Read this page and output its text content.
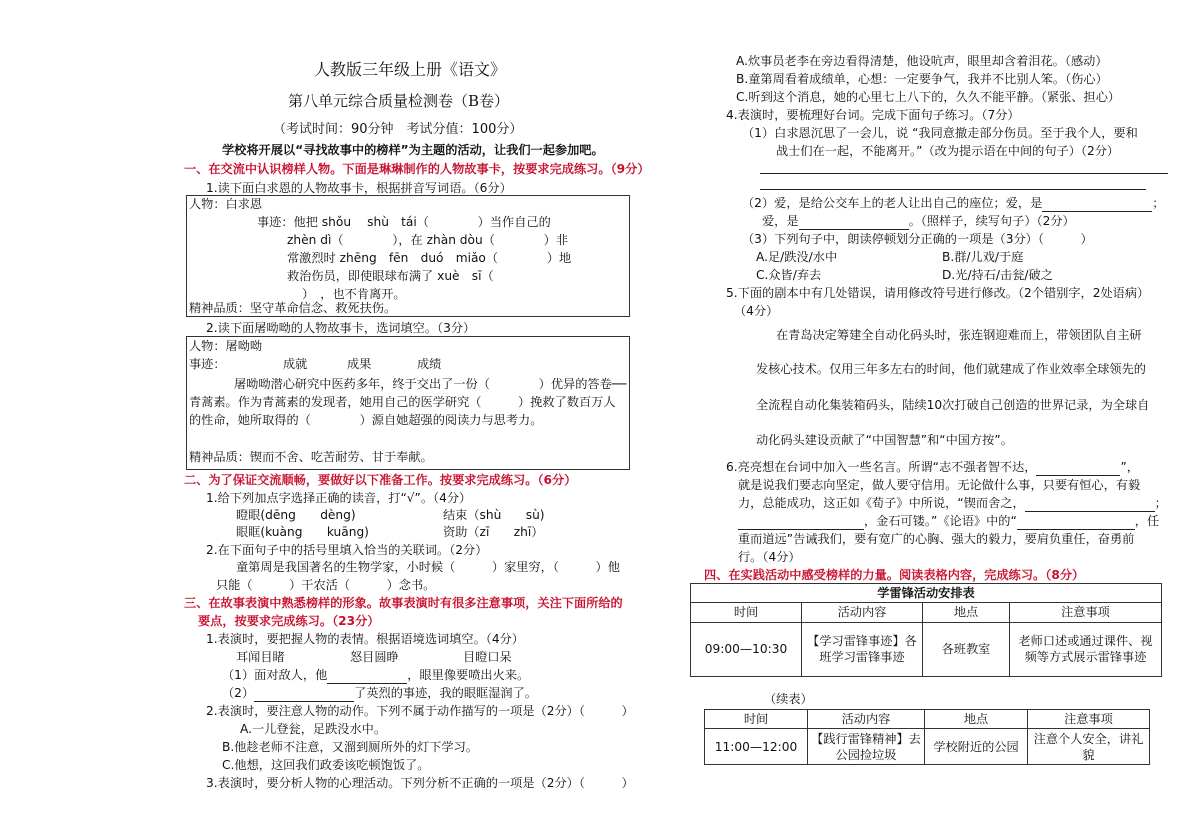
人教版三年级上册《语文》
第八单元综合质量检测卷（B卷）
（考试时间：90分钟　考试分值：100分）
学校将开展以“寻找故事中的榜样”为主题的活动，让我们一起参加吧。
一、在交流中认识榜样人物。下面是琳琳制作的人物故事卡，按要求完成练习。（9分）
1.读下面白求恩的人物故事卡，根据拼音写词语。（6分）
人物：白求恩
事迹：他把 shǒu　 shù　tái（　　　　）当作自己的
zhèn dì（　　　　），在 zhàn dòu（　　　　）非
常激烈时 zhēng　fēn　duó　miǎo（　　　　）地
救治伤员，即使眼球布满了 xuè　sī（
）　，也不肯离开。
精神品质：坚守革命信念、救死扶伤。
2.读下面屠呦呦的人物故事卡，选词填空。（3分）
人物：屠呦呦
事迹：	成就	成果	成绩
屠呦呦潜心研究中医药多年，终于交出了一份（　　　　）优异的答卷──青蒿素。作为青蒿素的发现者，她用自己的医学研究（　　　）挽救了数百万人的性命，她所取得的（　　　　）源自她超强的阅读力与思考力。
精神品质：锲而不舍、吃苦耐劳、甘于奉献。
二、为了保证交流顺畅，要做好以下准备工作。按要求完成练习。（6分）
1.给下列加点字选择正确的读音，打“√”。（4分）
瞪眼(dēng　　dèng)	结束（shù　　sù)
眼眶(kuàng　　kuāng)	资助（zī　　zhī）
2.在下面句子中的括号里填入恰当的关联词。（2分）
童第周是我国著名的生物学家，小时候（　　　）家里穷，（　　　）他
只能（　　　）干农活（　　　）念书。
三、在故事表演中熟悉榜样的形象。故事表演时有很多注意事项，关注下面所给的
要点，按要求完成练习。（23分）
1.表演时，要把握人物的表情。根据语境选词填空。（4分）
耳闻目睹	怒目圆睁	目瞪口呆
（1）面对敌人，他	，眼里像要喷出火来。
（2）	了英烈的事迹，我的眼眶湿润了。
2.表演时，要注意人物的动作。下列不属于动作描写的一项是（2分）（　　　）
A.一儿登瓮，足跌没水中。
B.他趁老师不注意，又溜到厕所外的灯下学习。
C.他想，这回我们政委该吃顿饱饭了。
3.表演时，要分析人物的心理活动。下列分析不正确的一项是（2分）（　　　）
A.炊事员老李在旁边看得清楚，他设吭声，眼里却含着泪花。（感动）
B.童第周看着成绩单，心想：一定要争气，我并不比别人笨。（伤心）
C.听到这个消息，她的心里七上八下的，久久不能平静。（紧张、担心）
4.表演时，要梳理好台词。完成下面句子练习。（7分）
（1）白求恩沉思了一会儿，说 “我同意撤走部分伤员。至于我个人，要和
战士们在一起，不能离开。”（改为提示语在中间的句子）（2分）
（2）爱，是给公交车上的老人让出自己的座位；爱，是	；
爱，是	。（照样子，续写句子）（2分）
（3）下列句子中，朗读停顿划分正确的一项是（3分）（　　　）
A.足/跌没/水中	B.群/儿戏/于庭
C.众皆/弃去	D.光/持石/击瓮/破之
5.下面的剧本中有几处错误，请用修改符号进行修改。（2个错别字，2处语病）
（4分）
在青岛决定筹建全自动化码头时，张连钢迎难而上，带领团队自主研
发核心技术。仅用三年多左右的时间，他们就建成了作业效率全球领先的
全流程自动化集装箱码头，陆续10次打破自己创造的世界记录，为全球自
动化码头建设贡献了“中国智慧”和“中国方按”。
6.亮亮想在台词中加入一些名言。所谓“志不强者智不达，	”，
就是说我们要志向坚定，做人要守信用。无论做什么事，只要有恒心，有毅
力，总能成功，这正如《荀子》中所说，“锲而舍之，	；
，金石可镂。”《论语》中的“	，任
重而道远”告诫我们，要有宽广的心胸、强大的毅力，要肩负重任，奋勇前
行。（4分）
四、在实践活动中感受榜样的力量。阅读表格内容，完成练习。（8分）
学雷锋活动安排表			
时间	活动内容	地点	注意事项
09:00—10:30	【学习雷锋事迹】各班学习雷锋事迹	各班教室	老师口述或通过课件、视频等方式展示雷锋事迹
（续表）
时间	活动内容	地点	注意事项
11:00—12:00	【践行雷锋精神】去公园捡垃圾	学校附近的公园	注意个人安全，讲礼貌
